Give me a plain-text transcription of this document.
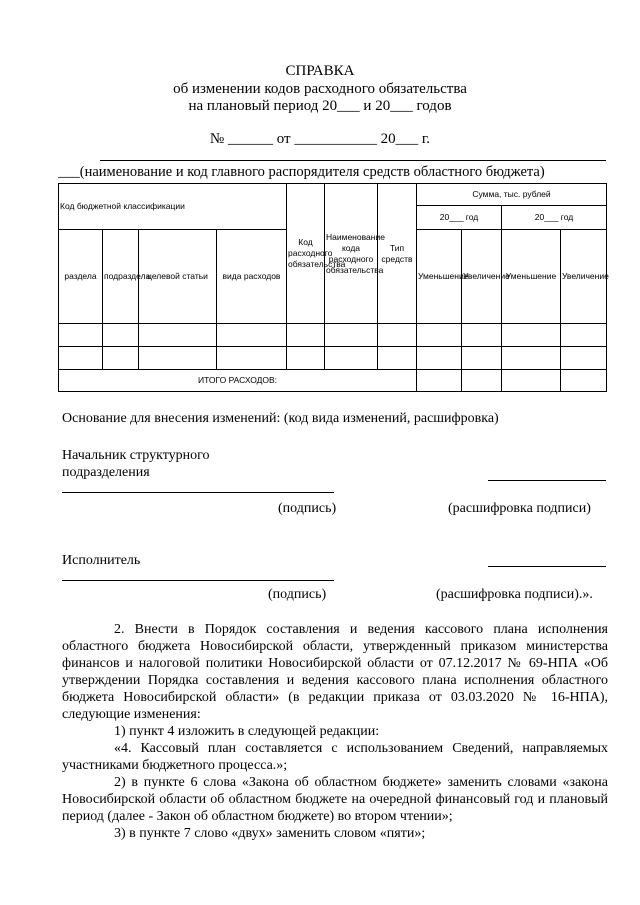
СПРАВКА
об изменении кодов расходного обязательства
на плановый период 20___ и 20___ годов
№ ______ от ___________ 20___ г.
___(наименование и код главного распорядителя средств областного бюджета)
Код бюджетной классификации				Код расходного обязательства	Наименование кода расходного обязательства	Тип средств	Сумма, тыс. рублей			
							20___ год		20___ год	
раздела	подраздела	целевой статьи	вида расходов				Уменьшение	Увеличение	Уменьшение	Увеличение

ИТОГО РАСХОДОВ:										
Основание для внесения изменений: (код вида изменений, расшифровка)
Начальник структурного
подразделения
(подпись)	(расшифровка подписи)
Исполнитель
(подпись)	(расшифровка подписи).».
2. Внести в Порядок составления и ведения кассового плана исполнения областного бюджета Новосибирской области, утвержденный приказом министерства финансов и налоговой политики Новосибирской области от 07.12.2017 № 69-НПА «Об утверждении Порядка составления и ведения кассового плана исполнения областного бюджета Новосибирской области» (в редакции приказа от 03.03.2020 № 16-НПА), следующие изменения:
1) пункт 4 изложить в следующей редакции:
«4. Кассовый план составляется с использованием Сведений, направляемых участниками бюджетного процесса.»;
2) в пункте 6 слова «Закона об областном бюджете» заменить словами «закона Новосибирской области об областном бюджете на очередной финансовый год и плановый период (далее - Закон об областном бюджете) во втором чтении»;
3) в пункте 7 слово «двух» заменить словом «пяти»;
